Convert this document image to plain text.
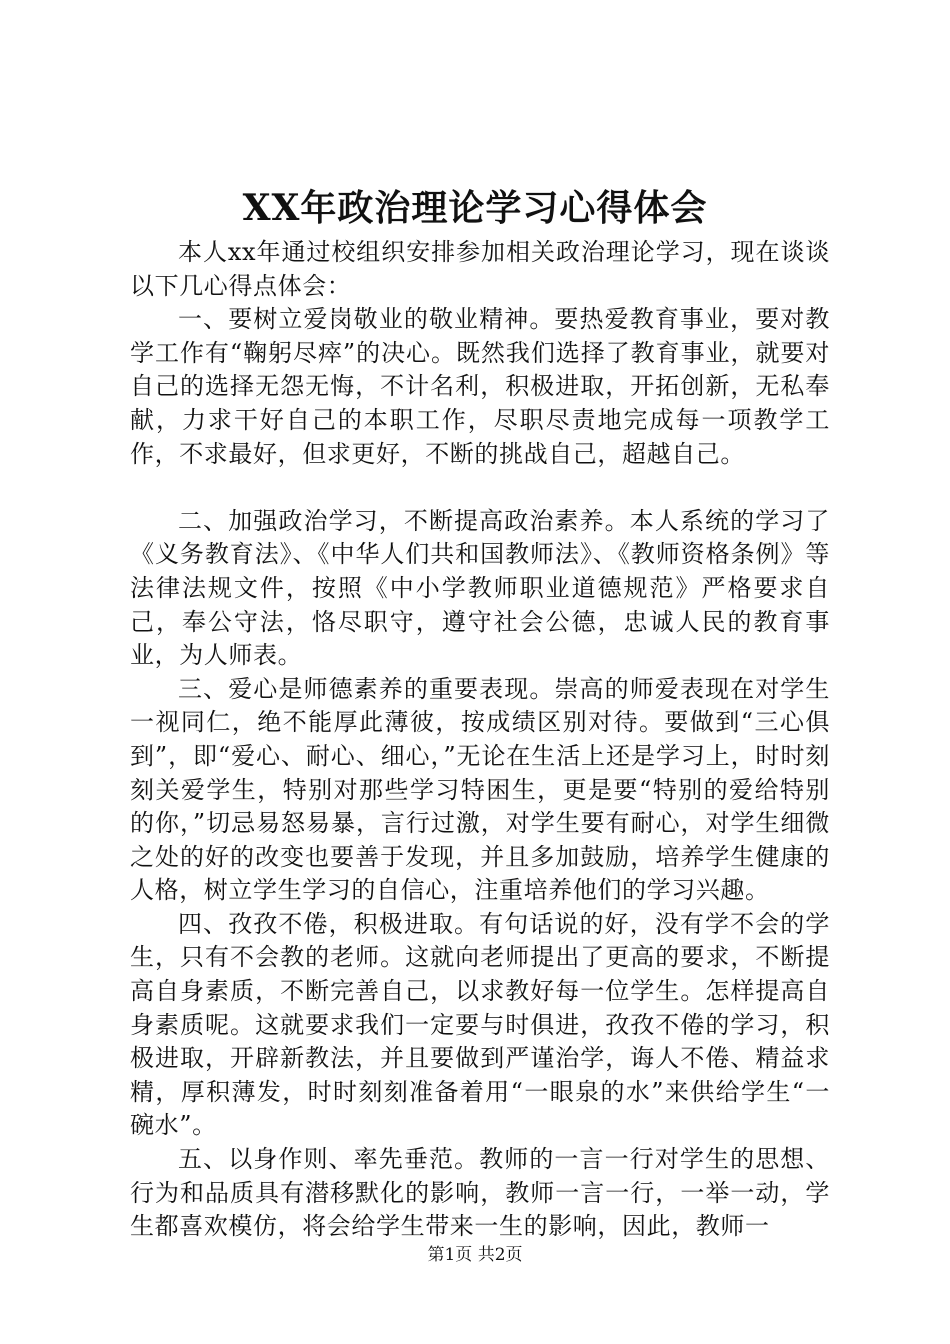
XX年政治理论学习心得体会

本人xx年通过校组织安排参加相关政治理论学习，现在谈谈以下几心得点体会：

一、要树立爱岗敬业的敬业精神。要热爱教育事业，要对教学工作有“鞠躬尽瘁”的决心。既然我们选择了教育事业，就要对自己的选择无怨无悔，不计名利，积极进取，开拓创新，无私奉献，力求干好自己的本职工作，尽职尽责地完成每一项教学工作，不求最好，但求更好，不断的挑战自己，超越自己。

二、加强政治学习，不断提高政治素养。本人系统的学习了《义务教育法》、《中华人们共和国教师法》、《教师资格条例》等法律法规文件，按照《中小学教师职业道德规范》严格要求自己，奉公守法，恪尽职守，遵守社会公德，忠诚人民的教育事业，为人师表。

三、爱心是师德素养的重要表现。崇高的师爱表现在对学生一视同仁，绝不能厚此薄彼，按成绩区别对待。要做到“三心俱到”，即“爱心、耐心、细心，”无论在生活上还是学习上，时时刻刻关爱学生，特别对那些学习特困生，更是要“特别的爱给特别的你，”切忌易怒易暴，言行过激，对学生要有耐心，对学生细微之处的好的改变也要善于发现，并且多加鼓励，培养学生健康的人格，树立学生学习的自信心，注重培养他们的学习兴趣。

四、孜孜不倦，积极进取。有句话说的好，没有学不会的学生，只有不会教的老师。这就向老师提出了更高的要求，不断提高自身素质，不断完善自己，以求教好每一位学生。怎样提高自身素质呢。这就要求我们一定要与时俱进，孜孜不倦的学习，积极进取，开辟新教法，并且要做到严谨治学，诲人不倦、精益求精，厚积薄发，时时刻刻准备着用“一眼泉的水”来供给学生“一碗水”。

五、以身作则、率先垂范。教师的一言一行对学生的思想、行为和品质具有潜移默化的影响，教师一言一行，一举一动，学生都喜欢模仿，将会给学生带来一生的影响，因此，教师一

第1页 共2页
